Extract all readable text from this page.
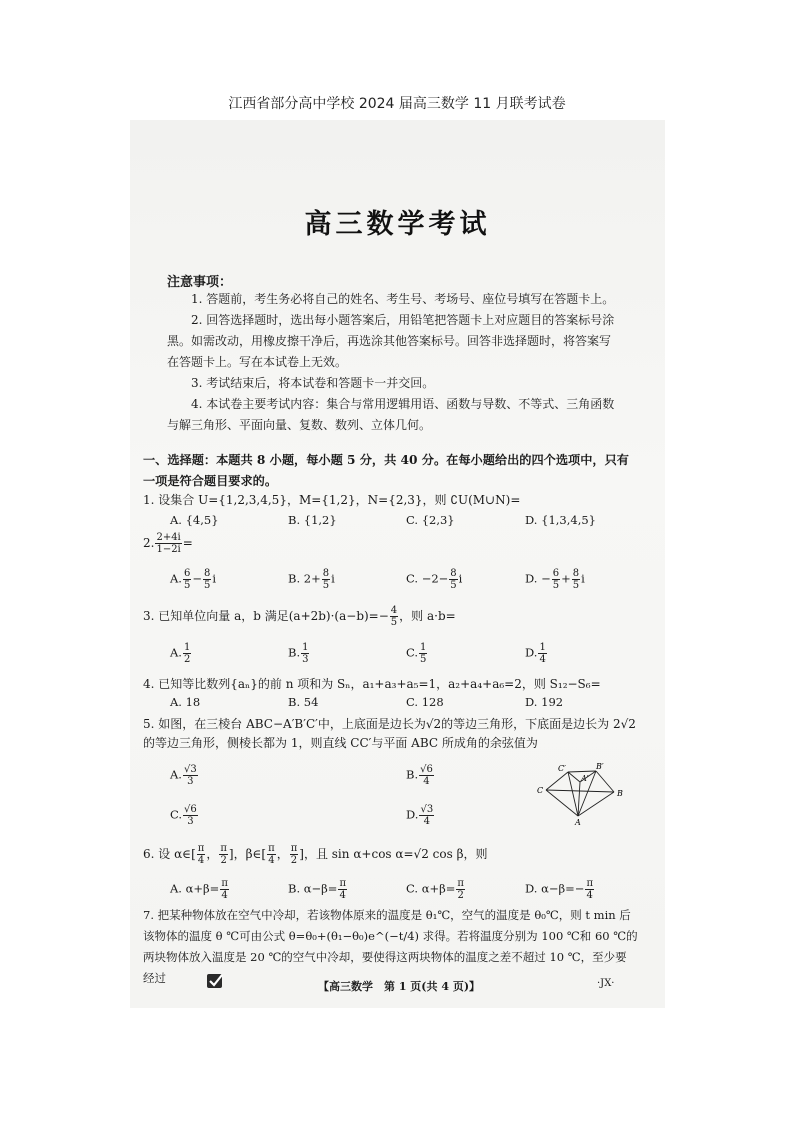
江西省部分高中学校 2024 届高三数学 11 月联考试卷
高三数学考试
注意事项：
1. 答题前，考生务必将自己的姓名、考生号、考场号、座位号填写在答题卡上。
2. 回答选择题时，选出每小题答案后，用铅笔把答题卡上对应题目的答案标号涂黑。如需改动，用橡皮擦干净后，再选涂其他答案标号。回答非选择题时，将答案写在答题卡上。写在本试卷上无效。
3. 考试结束后，将本试卷和答题卡一并交回。
4. 本试卷主要考试内容：集合与常用逻辑用语、函数与导数、不等式、三角函数与解三角形、平面向量、复数、数列、立体几何。
一、选择题：本题共 8 小题，每小题 5 分，共 40 分。在每小题给出的四个选项中，只有一项是符合题目要求的。
1. 设集合 U={1,2,3,4,5}，M={1,2}，N={2,3}，则 ∁U(M∪N)=
A. {4,5}	B. {1,2}	C. {2,3}	D. {1,3,4,5}
2. $\frac{2+4i}{1-2i}$ =
A. $\frac{6}{5} - \frac{8}{5}$ i	B. $2+ \frac{8}{5}$ i	C. $-2- \frac{8}{5}$ i	D. − $\frac{6}{5} + \frac{8}{5}$ i
3. 已知单位向量 a，b 满足$(a+2b)\cdot(a-b)=- \frac{4}{5}$ ，则 a·b=
A. $\frac{1}{2}$	B. $\frac{1}{3}$	C. $\frac{1}{5}$	D. $\frac{1}{4}$
4. 已知等比数列{aₙ}的前 n 项和为 Sₙ，a₁+a₃+a₅=1，a₂+a₄+a₆=2，则 S₁₂−S₆=
A. 18	B. 54	C. 128	D. 192
5. 如图，在三棱台 ABC−A′B′C′中，上底面是边长为√2的等边三角形，下底面是边长为 2√2 的等边三角形，侧棱长都为 1，则直线 CC′与平面 ABC 所成角的余弦值为
A. $\frac{√3}{3}$	B. $\frac{√6}{4}$
C. $\frac{√6}{3}$	D. $\frac{√3}{4}$
C′	B′
A′
C	B
A
6. 设 α∈[ $\frac{\pi}{4}$ ， $\frac{\pi}{2}$ ]，β∈[ $\frac{\pi}{4}$ ， $\frac{\pi}{2}$ ]，且 sin α+cos α=√2 cos β，则
A. $\alpha+\beta= \frac{\pi}{4}$	B. $\alpha-\beta= \frac{\pi}{4}$	C. $\alpha+\beta= \frac{\pi}{2}$	D. $\alpha-\beta=- \frac{\pi}{4}$
7. 把某种物体放在空气中冷却，若该物体原来的温度是 θ₁℃，空气的温度是 θ₀℃，则 t min 后该物体的温度 θ ℃可由公式 θ=θ₀+(θ₁−θ₀)e^(−t/4) 求得。若将温度分别为 100 ℃和 60 ℃的两块物体放入温度是 20 ℃的空气中冷却，要使得这两块物体的温度之差不超过 10 ℃，至少要经过
【高三数学　第 1 页(共 4 页)】	·JX·
